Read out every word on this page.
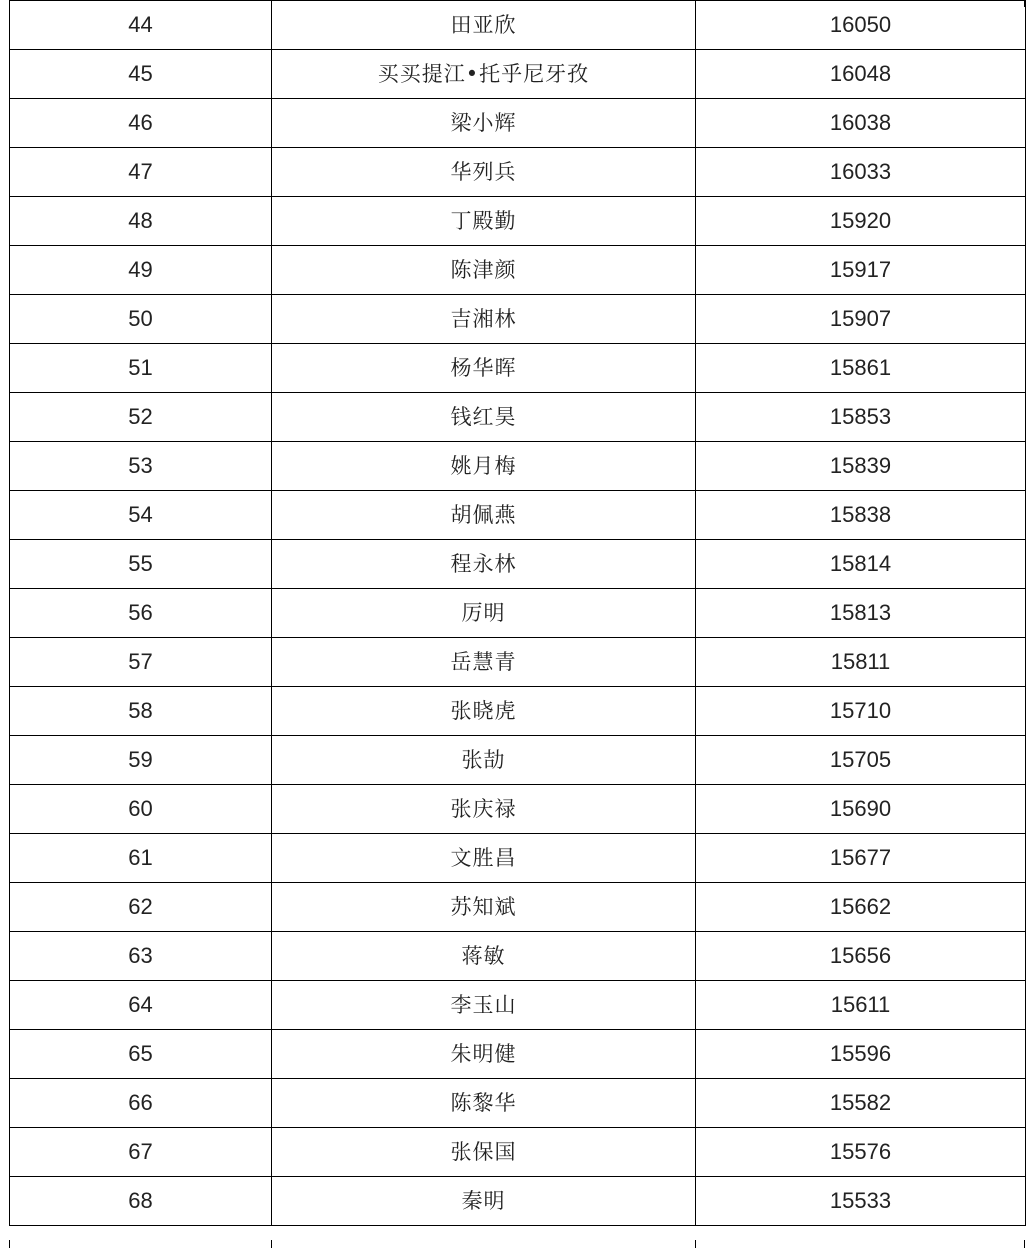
44	田亚欣	16050
45	买买提江•托乎尼牙孜	16048
46	梁小辉	16038
47	华列兵	16033
48	丁殿勤	15920
49	陈津颜	15917
50	吉湘林	15907
51	杨华晖	15861
52	钱红昊	15853
53	姚月梅	15839
54	胡佩燕	15838
55	程永林	15814
56	厉明	15813
57	岳慧青	15811
58	张晓虎	15710
59	张劼	15705
60	张庆禄	15690
61	文胜昌	15677
62	苏知斌	15662
63	蒋敏	15656
64	李玉山	15611
65	朱明健	15596
66	陈黎华	15582
67	张保国	15576
68	秦明	15533
